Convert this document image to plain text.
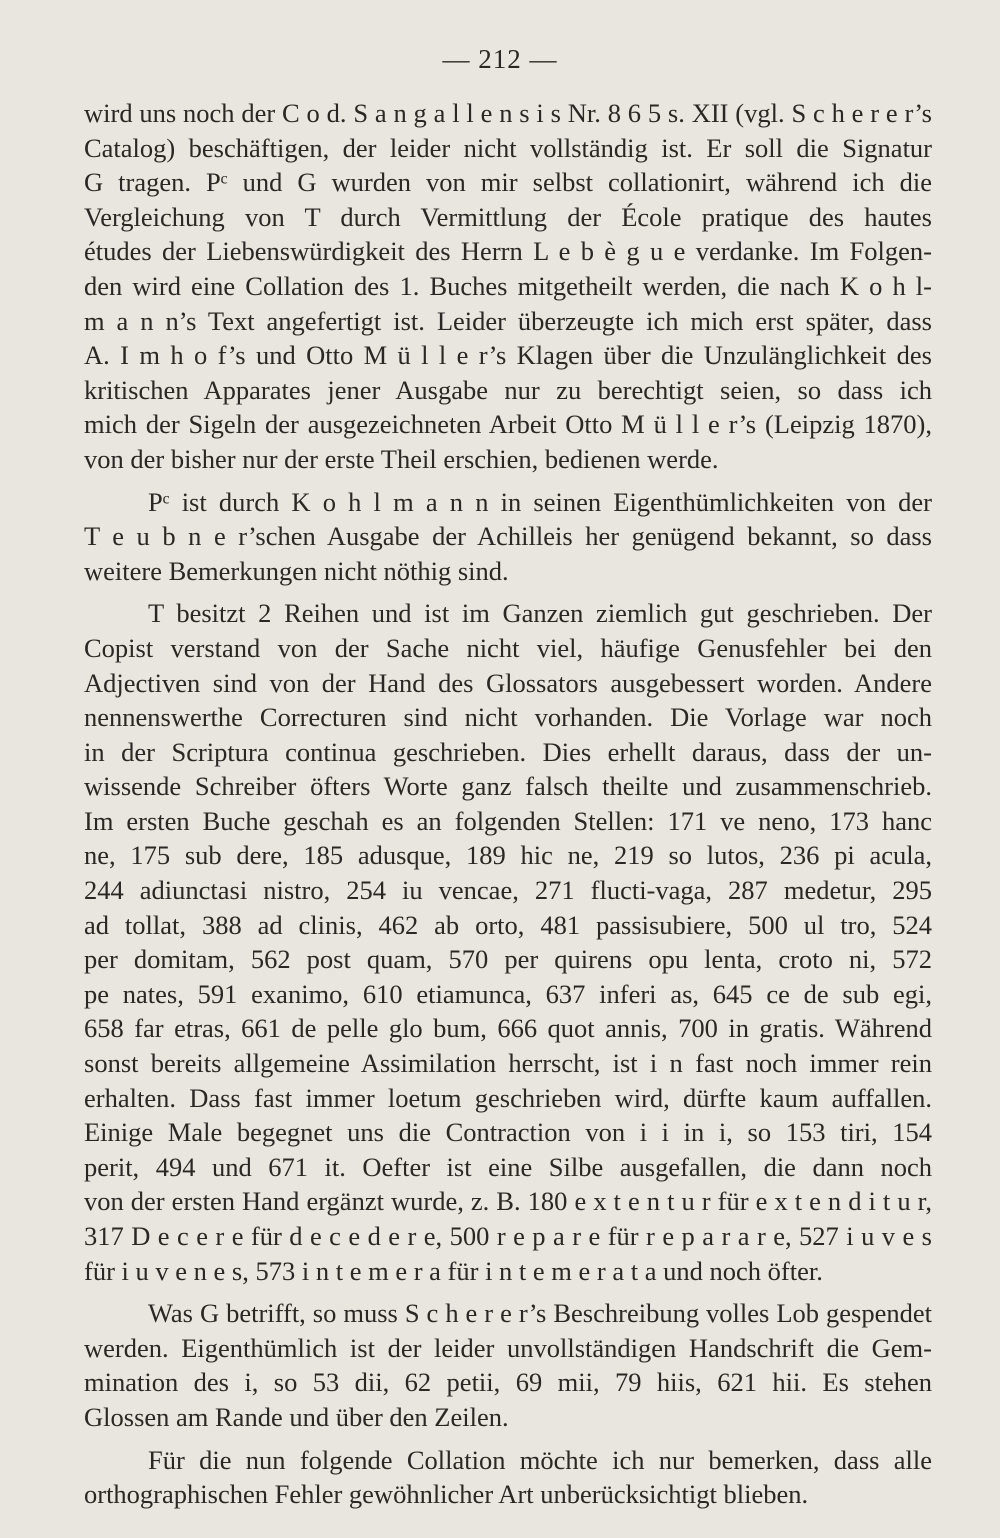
— 212 —
wird uns noch der C o d. S a n g a l l e n s i s Nr. 8 6 5 s. XII (vgl. S c h e r e r’s
Catalog) beschäftigen, der leider nicht vollständig ist. Er soll die Signatur
G tragen. Pᶜ und G wurden von mir selbst collationirt, während ich die
Vergleichung von T durch Vermittlung der École pratique des hautes
études der Liebenswürdigkeit des Herrn L e b è g u e verdanke. Im Folgen-
den wird eine Collation des 1. Buches mitgetheilt werden, die nach K o h l-
m a n n’s Text angefertigt ist. Leider überzeugte ich mich erst später, dass
A. I m h o f’s und Otto M ü l l e r’s Klagen über die Unzulänglichkeit des
kritischen Apparates jener Ausgabe nur zu berechtigt seien, so dass ich
mich der Sigeln der ausgezeichneten Arbeit Otto M ü l l e r’s (Leipzig 1870),
von der bisher nur der erste Theil erschien, bedienen werde.
Pᶜ ist durch K o h l m a n n in seinen Eigenthümlichkeiten von der
T e u b n e r’schen Ausgabe der Achilleis her genügend bekannt, so dass
weitere Bemerkungen nicht nöthig sind.
T besitzt 2 Reihen und ist im Ganzen ziemlich gut geschrieben. Der
Copist verstand von der Sache nicht viel, häufige Genusfehler bei den
Adjectiven sind von der Hand des Glossators ausgebessert worden. Andere
nennenswerthe Correcturen sind nicht vorhanden. Die Vorlage war noch
in der Scriptura continua geschrieben. Dies erhellt daraus, dass der un-
wissende Schreiber öfters Worte ganz falsch theilte und zusammenschrieb.
Im ersten Buche geschah es an folgenden Stellen: 171 ve neno, 173 hanc
ne, 175 sub dere, 185 adusque, 189 hic ne, 219 so lutos, 236 pi acula,
244 adiunctasi nistro, 254 iu vencae, 271 flucti-vaga, 287 medetur, 295
ad tollat, 388 ad clinis, 462 ab orto, 481 passisubiere, 500 ul tro, 524
per domitam, 562 post quam, 570 per quirens opu lenta, croto ni, 572
pe nates, 591 exanimo, 610 etiamunca, 637 inferi as, 645 ce de sub egi,
658 far etras, 661 de pelle glo bum, 666 quot annis, 700 in gratis. Während
sonst bereits allgemeine Assimilation herrscht, ist i n fast noch immer rein
erhalten. Dass fast immer loetum geschrieben wird, dürfte kaum auffallen.
Einige Male begegnet uns die Contraction von i i in i, so 153 tiri, 154
perit, 494 und 671 it. Oefter ist eine Silbe ausgefallen, die dann noch
von der ersten Hand ergänzt wurde, z. B. 180 e x t e n t u r für e x t e n d i t u r,
317 D e c e r e für d e c e d e r e, 500 r e p a r e für r e p a r a r e, 527 i u v e s
für i u v e n e s, 573 i n t e m e r a für i n t e m e r a t a und noch öfter.
Was G betrifft, so muss S c h e r e r’s Beschreibung volles Lob gespendet
werden. Eigenthümlich ist der leider unvollständigen Handschrift die Gem-
mination des i, so 53 dii, 62 petii, 69 mii, 79 hiis, 621 hii. Es stehen
Glossen am Rande und über den Zeilen.
Für die nun folgende Collation möchte ich nur bemerken, dass alle
orthographischen Fehler gewöhnlicher Art unberücksichtigt blieben.
